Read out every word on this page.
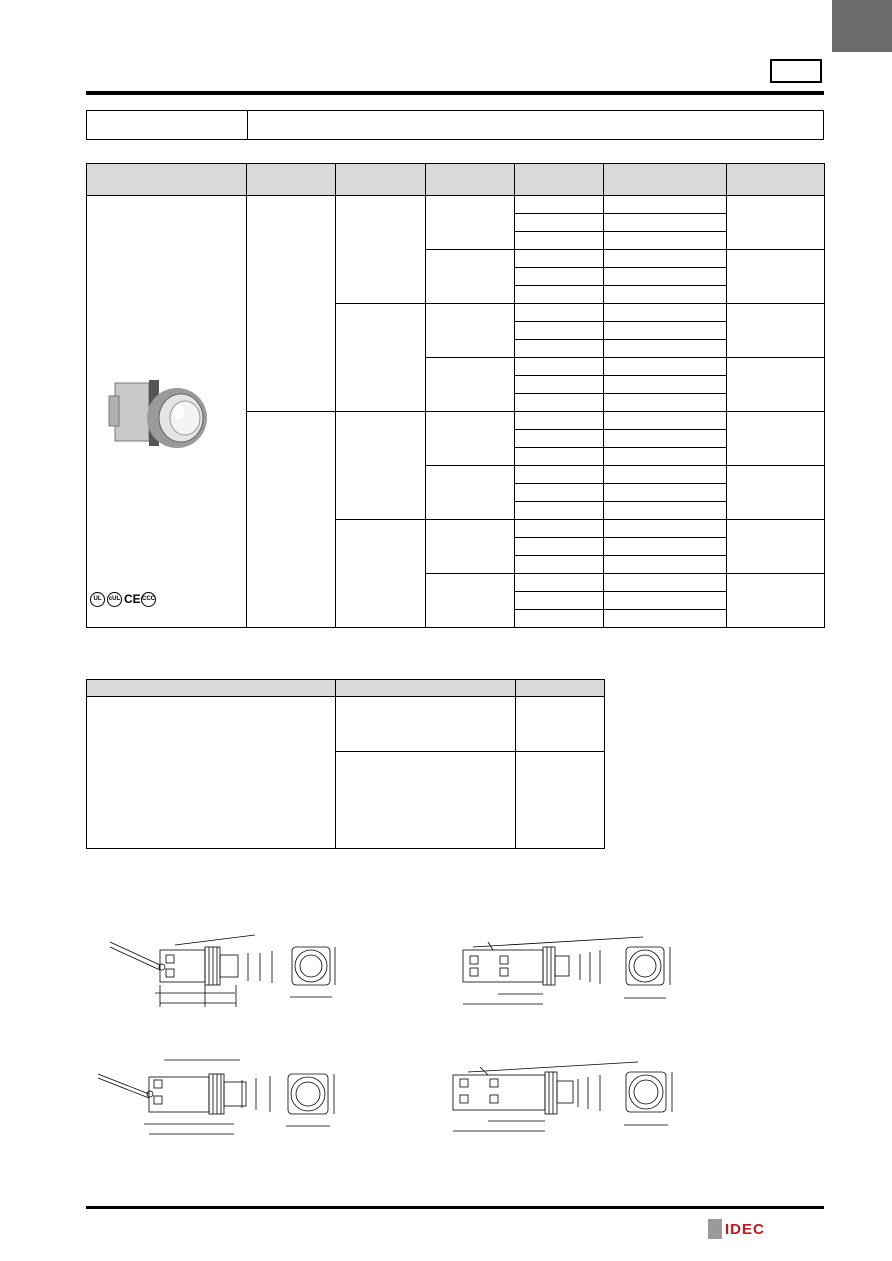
UL cUL CE CCC						

IDEC
